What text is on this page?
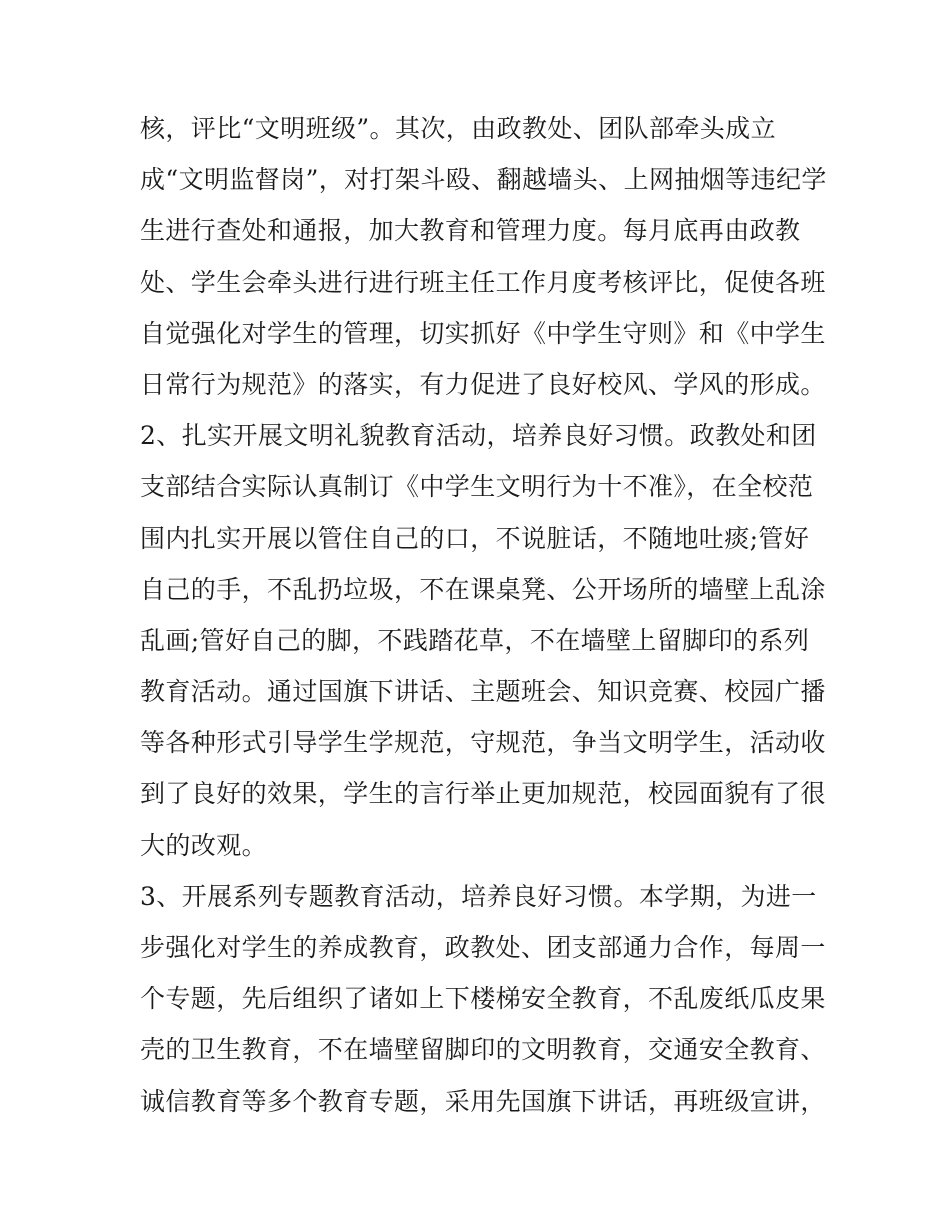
核，评比“文明班级”。其次，由政教处、团队部牵头成立
成“文明监督岗”，对打架斗殴、翻越墙头、上网抽烟等违纪学
生进行查处和通报，加大教育和管理力度。每月底再由政教
处、学生会牵头进行进行班主任工作月度考核评比，促使各班
自觉强化对学生的管理，切实抓好《中学生守则》和《中学生
日常行为规范》的落实，有力促进了良好校风、学风的形成。
2、扎实开展文明礼貌教育活动，培养良好习惯。政教处和团
支部结合实际认真制订《中学生文明行为十不准》，在全校范
围内扎实开展以管住自己的口，不说脏话，不随地吐痰;管好
自己的手，不乱扔垃圾，不在课桌凳、公开场所的墙壁上乱涂
乱画;管好自己的脚，不践踏花草，不在墙壁上留脚印的系列
教育活动。通过国旗下讲话、主题班会、知识竞赛、校园广播
等各种形式引导学生学规范，守规范，争当文明学生，活动收
到了良好的效果，学生的言行举止更加规范，校园面貌有了很
大的改观。
3、开展系列专题教育活动，培养良好习惯。本学期，为进一
步强化对学生的养成教育，政教处、团支部通力合作，每周一
个专题，先后组织了诸如上下楼梯安全教育，不乱废纸瓜皮果
壳的卫生教育，不在墙壁留脚印的文明教育，交通安全教育、
诚信教育等多个教育专题，采用先国旗下讲话，再班级宣讲，
